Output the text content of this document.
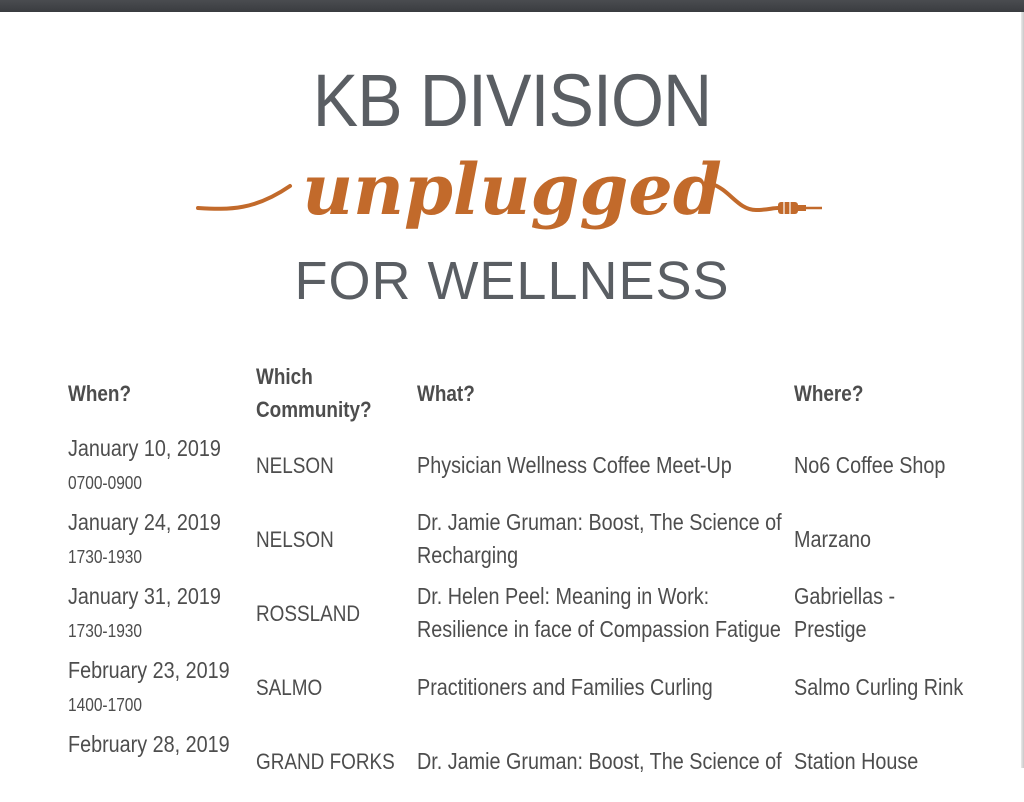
KB DIVISION
unplugged
FOR WELLNESS
When?	Which Community?	What?	Where?
January 10, 2019 0700-0900	NELSON	Physician Wellness Coffee Meet-Up	No6 Coffee Shop

January 24, 2019 1730-1930	NELSON	Dr. Jamie Gruman: Boost, The Science of Recharging	Marzano

January 31, 2019 1730-1930	ROSSLAND	Dr. Helen Peel: Meaning in Work: Resilience in face of Compassion Fatigue	Gabriellas - Prestige

February 23, 2019 1400-1700	SALMO	Practitioners and Families Curling	Salmo Curling Rink

February 28, 2019	GRAND FORKS	Dr. Jamie Gruman: Boost, The Science of	Station House
